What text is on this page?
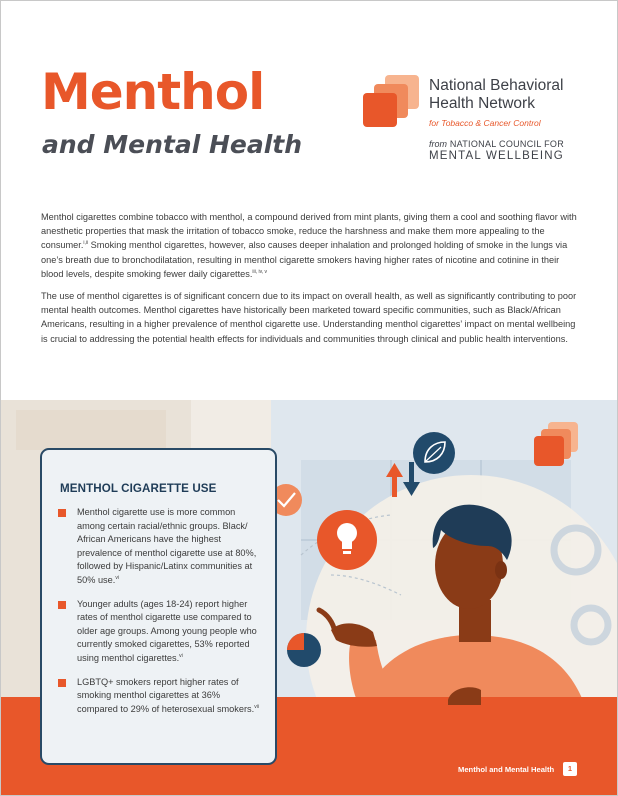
Menthol
and Mental Health
National Behavioral
Health Network
for Tobacco & Cancer Control
from NATIONAL COUNCIL FOR
MENTAL WELLBEING

Menthol cigarettes combine tobacco with menthol, a compound derived from mint plants, giving them a cool and soothing flavor with anesthetic properties that mask the irritation of tobacco smoke, reduce the harshness and make them more appealing to the consumer.$^{i,ii}$ Smoking menthol cigarettes, however, also causes deeper inhalation and prolonged holding of smoke in the lungs via one’s breath due to bronchodilatation, resulting in menthol cigarette smokers having higher rates of nicotine and cotinine in their blood levels, despite smoking fewer daily cigarettes.$^{iii, iv, v}$

The use of menthol cigarettes is of significant concern due to its impact on overall health, as well as significantly contributing to poor mental health outcomes. Menthol cigarettes have historically been marketed toward specific communities, such as Black/African Americans, resulting in a higher prevalence of menthol cigarette use. Understanding menthol cigarettes’ impact on mental wellbeing is crucial to addressing the potential health effects for individuals and communities through clinical and public health interventions.

MENTHOL CIGARETTE USE
Menthol cigarette use is more common among certain racial/ethnic groups. Black/ African Americans have the highest prevalence of menthol cigarette use at 80%, followed by Hispanic/Latinx communities at 50% use.$^{vi}$
Younger adults (ages 18-24) report higher rates of menthol cigarette use compared to older age groups. Among young people who currently smoked cigarettes, 53% reported using menthol cigarettes.$^{vi}$
LGBTQ+ smokers report higher rates of smoking menthol cigarettes at 36% compared to 29% of heterosexual smokers.$^{vii}$
Menthol and Mental Health	1
